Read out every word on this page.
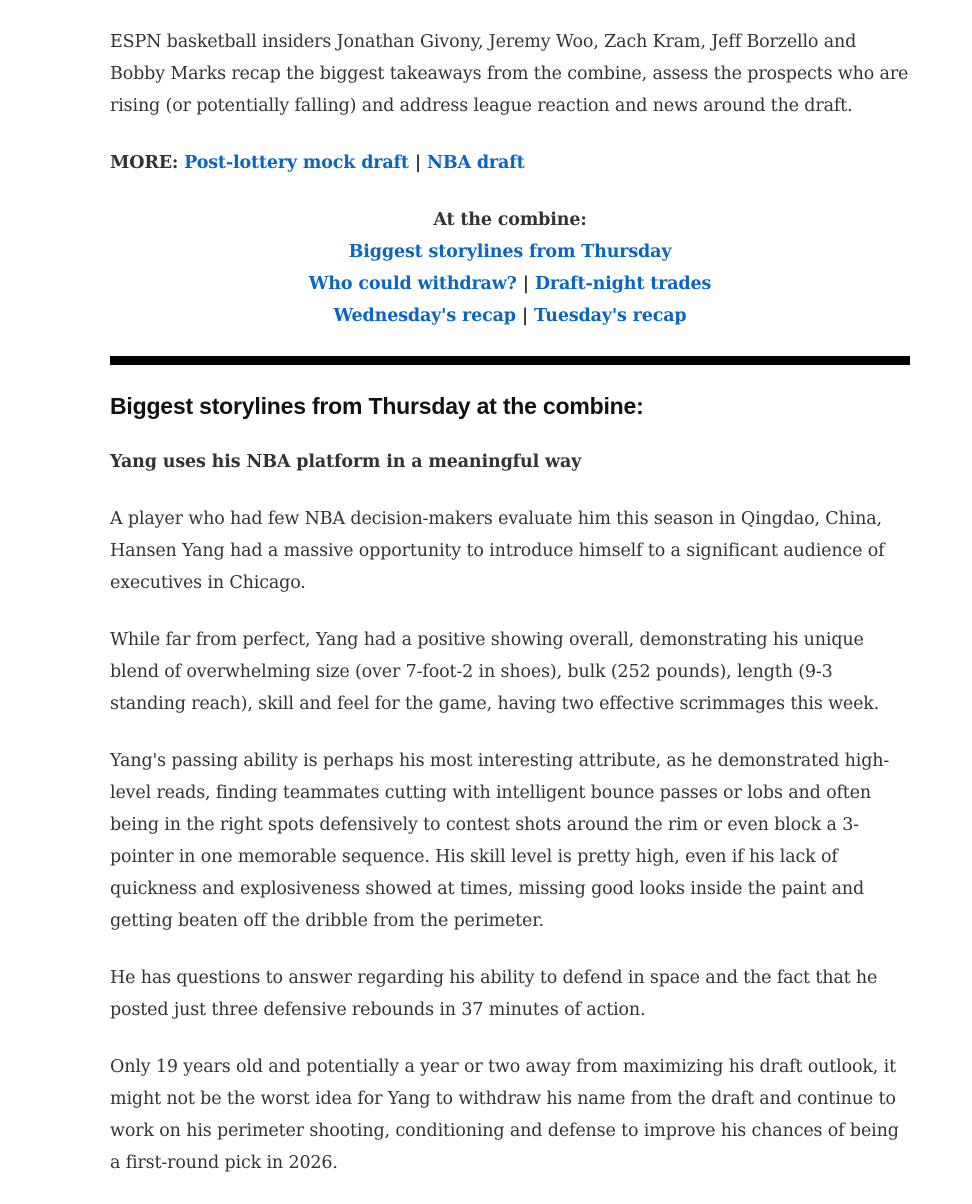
ESPN basketball insiders Jonathan Givony, Jeremy Woo, Zach Kram, Jeff Borzello and Bobby Marks recap the biggest takeaways from the combine, assess the prospects who are rising (or potentially falling) and address league reaction and news around the draft.

MORE: Post-lottery mock draft | NBA draft

At the combine:
Biggest storylines from Thursday
Who could withdraw? | Draft-night trades
Wednesday's recap | Tuesday's recap
Biggest storylines from Thursday at the combine:

Yang uses his NBA platform in a meaningful way

A player who had few NBA decision-makers evaluate him this season in Qingdao, China, Hansen Yang had a massive opportunity to introduce himself to a significant audience of executives in Chicago.

While far from perfect, Yang had a positive showing overall, demonstrating his unique blend of overwhelming size (over 7-foot-2 in shoes), bulk (252 pounds), length (9-3 standing reach), skill and feel for the game, having two effective scrimmages this week.

Yang's passing ability is perhaps his most interesting attribute, as he demonstrated high-level reads, finding teammates cutting with intelligent bounce passes or lobs and often being in the right spots defensively to contest shots around the rim or even block a 3-pointer in one memorable sequence. His skill level is pretty high, even if his lack of quickness and explosiveness showed at times, missing good looks inside the paint and getting beaten off the dribble from the perimeter.

He has questions to answer regarding his ability to defend in space and the fact that he posted just three defensive rebounds in 37 minutes of action.

Only 19 years old and potentially a year or two away from maximizing his draft outlook, it might not be the worst idea for Yang to withdraw his name from the draft and continue to work on his perimeter shooting, conditioning and defense to improve his chances of being a first-round pick in 2026.
